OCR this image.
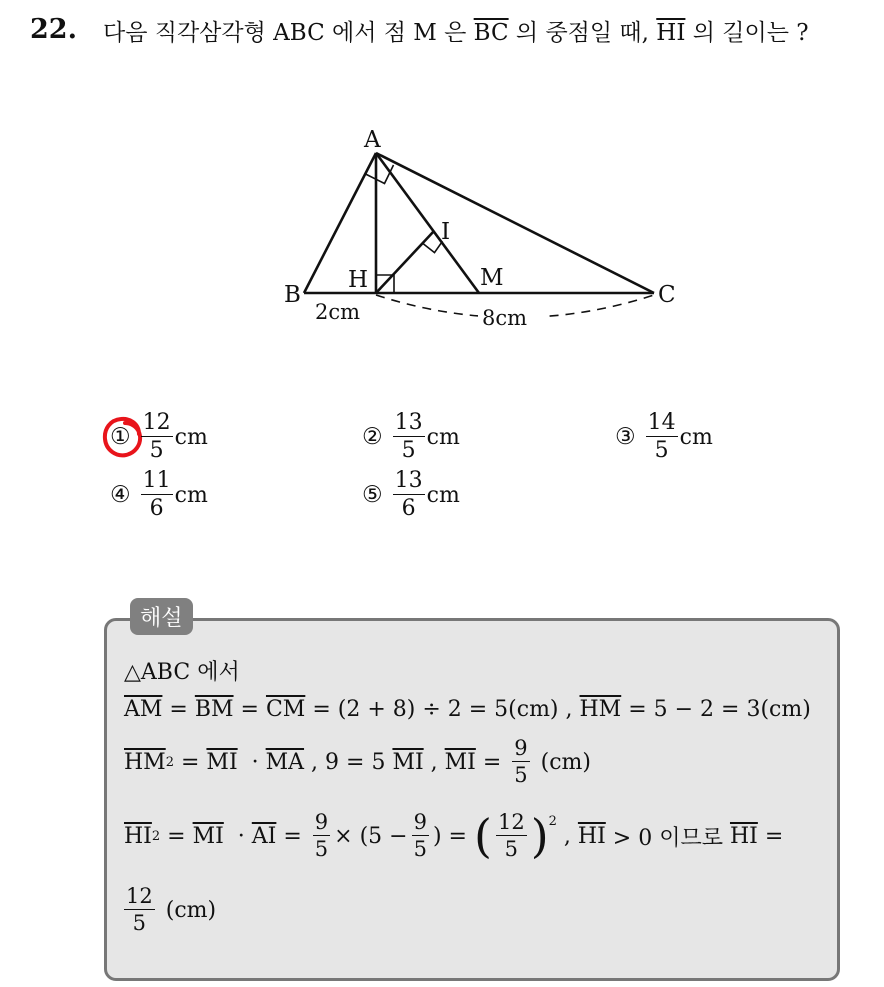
22. 다음 직각삼각형 ABC 에서 점 M 은 $\overline{BC}$ 의 중점일 때, $\overline{HI}$ 의 길이는 ?
A
B	C
H	M
I
2cm	8cm
① $\frac{12}{5}$ cm	② $\frac{13}{5}$ cm	③ $\frac{14}{5}$ cm
④ $\frac{11}{6}$ cm	⑤ $\frac{13}{6}$ cm
해설
△ABC 에서
$\overline{AM} = \overline{BM} = \overline{CM} = (2 + 8) \div 2 = 5(cm)$ , $\overline{HM} = 5 - 2 = 3(cm)$
$\overline{HM}$ $2 = \overline{MI} \cdot \overline{MA}$ , 9 = 5 $\overline{MI}$ , $\overline{MI} = \frac{9}{5}$
(cm)
$\overline{HI}$ $2 = \overline{MI} \cdot \overline{AI} = \frac{9}{5} \times (5 - \frac{9}{5}$ ) =
( $\frac{12}{5} )^2$
, $\overline{HI} > 0$ 이므로 $\overline{HI}$ =
$\frac{12}{5}$
(cm)
